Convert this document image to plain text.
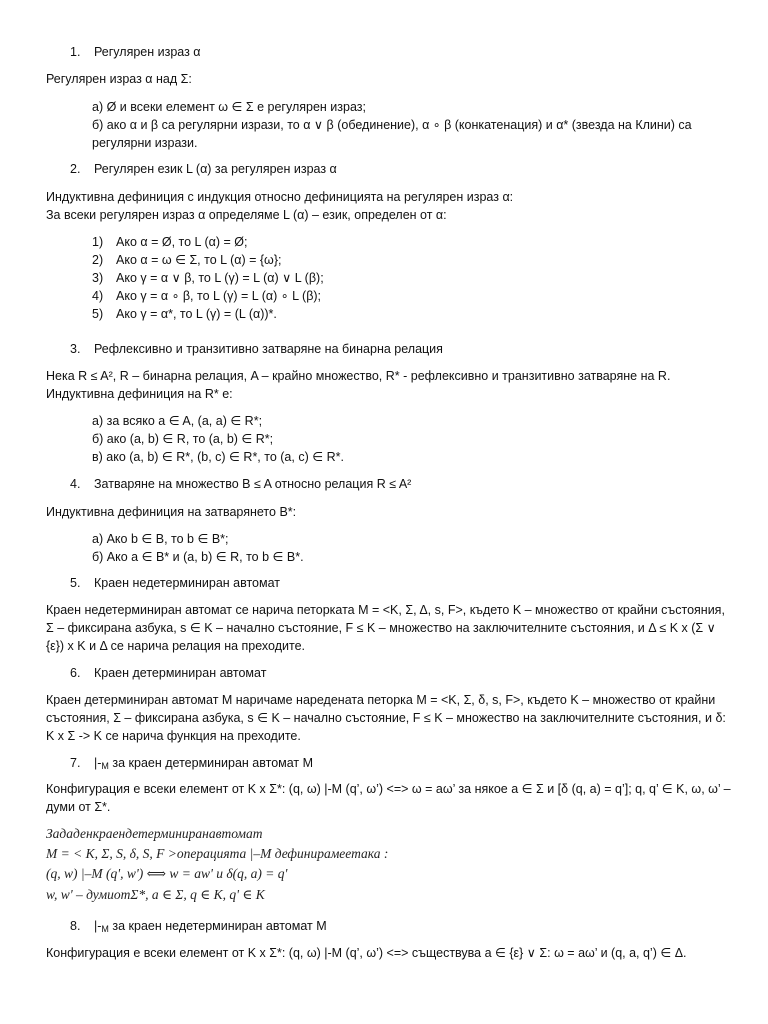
1. Регулярен израз α

Регулярен израз α над Σ:

а) Ø и всеки елемент ω ∈ Σ е регулярен израз;

б) ако α и β са регулярни изрази, то α ∨ β (обединение), α ∘ β (конкатенация) и α* (звезда на Клини) са регулярни изрази.

2. Регулярен език L (α) за регулярен израз α

Индуктивна дефиниция с индукция относно дефиницията на регулярен израз α:

За всеки регулярен израз α определяме L (α) – език, определен от α:

1) Ако α = Ø, то L (α) = Ø;

2) Ако α = ω ∈ Σ, то L (α) = {ω};

3) Ако γ = α ∨ β, то L (γ) = L (α) ∨ L (β);

4) Ако γ = α ∘ β, то L (γ) = L (α) ∘ L (β);

5) Ако γ = α*, то L (γ) = (L (α))*.

3. Рефлексивно и транзитивно затваряне на бинарна релация

Нека R ≤ A², R – бинарна релация, A – крайно множество, R* - рефлексивно и транзитивно затваряне на R.

Индуктивна дефиниция на R* е:

а) за всяко a ∈ A, (a, a) ∈ R*;

б) ако (a, b) ∈ R, то (a, b) ∈ R*;

в) ако (a, b) ∈ R*, (b, c) ∈ R*, то (a, c) ∈ R*.

4. Затваряне на множество B ≤ A относно релация R ≤ A²

Индуктивна дефиниция на затварянето B*:

а) Ако b ∈ B, то b ∈ B*;

б) Ако a ∈ B* и (a, b) ∈ R, то b ∈ B*.

5. Краен недетерминиран автомат

Краен недетерминиран автомат се нарича петорката M = <K, Σ, Δ, s, F>, където K – множество от крайни състояния, Σ – фиксирана азбука, s ∈ K – начално състояние, F ≤ K – множество на заключителните състояния, и Δ ≤ K x (Σ ∨ {ε}) x K и Δ се нарича релация на преходите.

6. Краен детерминиран автомат

Краен детерминиран автомат M наричаме наредената петорка M = <K, Σ, δ, s, F>, където K – множество от крайни състояния, Σ – фиксирана азбука, s ∈ K – начално състояние, F ≤ K – множество на заключителните състояния, и δ: K x Σ -> K се нарича функция на преходите.

7. |-M за краен детерминиран автомат M

Конфигурация е всеки елемент от K x Σ*: (q, ω) |-M (q’, ω’) <=> ω = aω’ за някое a ∈ Σ и [δ (q, a) = q’]; q, q’ ∈ K, ω, ω’ – думи от Σ*.

Зададенкраендетерминиранавтомат

M = < K, Σ, S, δ, S, F >операцията |–M дефинирамеетака :

(q, w) |–M (q', w') ⟺ w = aw' и δ(q, a) = q'

w, w' – думиотΣ*, a ∈ Σ, q ∈ K, q' ∈ K

8. |-M за краен недетерминиран автомат M

Конфигурация е всеки елемент от K x Σ*: (q, ω) |-M (q’, ω’) <=> съществува a ∈ {ε} ∨ Σ: ω = aω’ и (q, a, q’) ∈ Δ.
